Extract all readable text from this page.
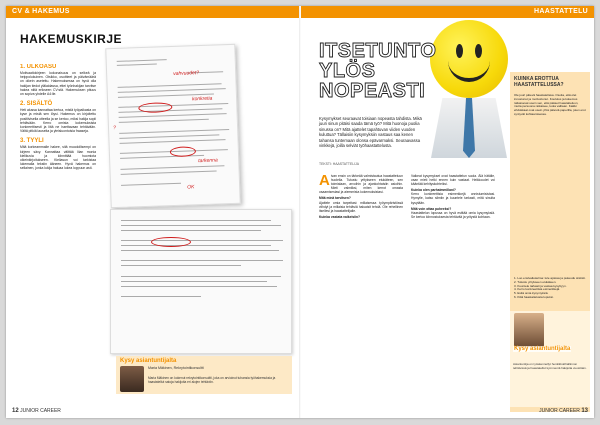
CV & HAKEMUS
HAKEMUSKIRJE
1. ULKOASU
Motivaatiokirjeen kokonaisuus on selkeä ja helppolukuinen. Otsikko, osoitteet ja päivämäärä on oikein asetettu. Hakemuksessa on hyvä olla hakijan tiedot ylälaidassa, ettei työnhakijan tarvitse hakea niitä erikseen CV:stä. Hakemuksen pituus on sopiva yhdelle A4:lle.
2. SISÄLTÖ
Heti alussa kannattaa kertoa, mistä työpaikasta on kyse ja mistä sen löysi. Hakemus on kirjoitettu positiivisella otteella ja se kertoo, miksi hakija sopii tehtävään. Kerro omista kokemuksista konkreettisesti ja liitä ne haettavaan tehtävään. Vältä pitkiä lauseita ja yleisluontoisia fraaseja.
3. TYYLI
Mitä korkeammalle hakee, sitä muodollisempi on kirjeen sävy. Kannattaa välttää liian monia kielikuvia ja kiinnittää huomiota oikeinkirjoitukseen. Kieliasun voi tarkistaa lukemalla tekstin ääneen. Hyvä hakemus on sellainen, jonka lukija haluaa lukea loppuun asti.
vahvuudet?
konkretia
?
tarkenna
OK
Kysy asiantuntijalta
Maria Mäkinen, Rekrytointikonsultti
Maria Mäkinen on kokenut rekrytointikonsultti, joka on arvioinut tuhansia työhakemuksia ja haastatellut satoja hakijoita eri alojen tehtäviin.
12 JUNIOR CAREER
HAASTATTELU
ITSETUNTO
YLÖS
NOPEASTI
Kysymykset seuraavat toisiaan nopeasta tahdista. Mikä juuri sinun pitäisi saada tämä työ? Mitä huonoja puolia sinussa on? Mitä ajattelet tapahtuvan viiden vuoden kuluttua? Tällaisiin kysymyksiin vastaus saa kenen tahansa tuntemaan olonsa epävarmaksi. Seuraavassa vinkkejä, joilla selviät työhaastattelusta.
TEKSTI: HAASTATTELIJA
A ivan ensin on tärkeää valmistautua haastatteluun huolella. Tutustu yritykseen etukäteen, sen toimialaan, arvoihin ja ajankohtaisiin asioihin. Mieti valmiiksi, miten kerrot omasta osaamisestasi ja aiemmista kokemuksistasi.
Mitä minä tarvitsen?
Ajattele omia tarpeitasi: millaisessa työympäristössä viihdyt ja millaisia tehtäviä haluaisit tehdä. Ole rehellinen itsellesi ja haastattelijalle.
Kuinka vastata vaikeisiin?
Vaikeat kysymykset ovat haastattelun suola. Älä hätäile, vaan mieti hetki ennen kuin vastaat. Heikkoudet voi kääntää kehityskohteiksi.
Kuinka olen parhaimmillani?
Kerro konkreettisia esimerkkejä onnistumisistasi. Hymyile, katso silmiin ja kuuntele tarkasti, mitä sinulta kysytään.
Mitä voin ottaa puheeksi?
Haastattelun lopussa on hyvä esittää omia kysymyksiä. Se kertoo kiinnostuksesta tehtävää ja yritystä kohtaan.
KUINKA EROTTUA HAASTATTELUSSA?
Ole juuri pätevä haastateltava. Osoita, että olet innostunut ja motivoitunut. Koulutus ja kokemus ratkaisevat usein sen, että pääset haastatteluun, mutta persoona ratkaisee, kuka valitaan. Kaikki ehdokkaat ovat usein yhtä päteviä paperilla, joten erot syntyvät kohtaamisessa.
1. Luo ensivaikutelma: tule ajoissa ja pukeudu siististi.
2. Tutustu yritykseen etukäteen.
3. Kuuntele tarkasti ja vastaa kysyttyyn.
4. Kerro konkreettisia esimerkkejä.
5. Esitä omia kysymyksiä.
6. Kiitä haastattelusta lopuksi.
Kysy asiantuntijalta
Asiantuntija on työskennellyt henkilöstöhallinnon tehtävissä ja haastatellut kymmeniä hakijoita vuosittain.
JUNIOR CAREER 13
